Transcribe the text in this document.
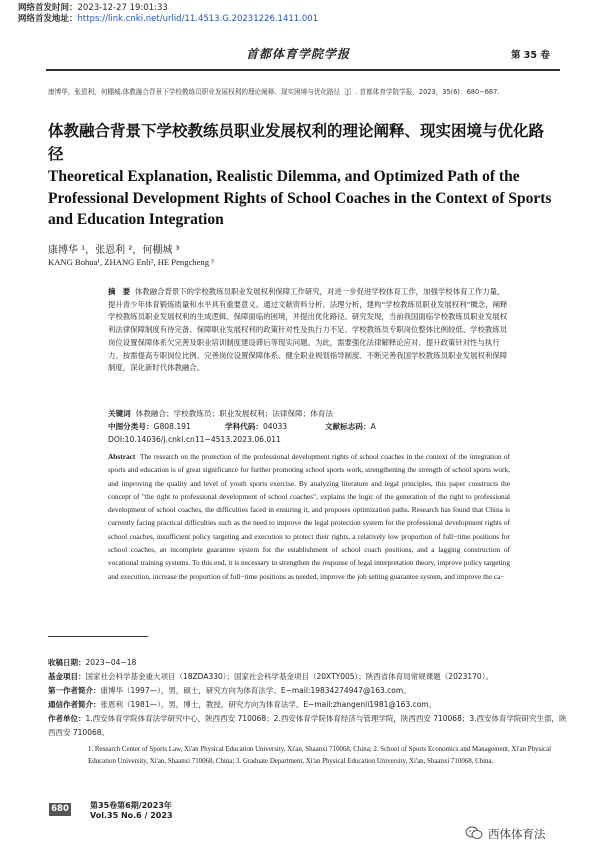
网络首发时间：2023-12-27 19:01:33
网络首发地址：https://link.cnki.net/urlid/11.4513.G.20231226.1411.001
首都体育学院学报	第 35 卷
康博华，张恩利，何棚城.体教融合背景下学校教练员职业发展权利的理论阐释、现实困境与优化路径［J］. 首都体育学院学报，2023，35(6)：680−687.
体教融合背景下学校教练员职业发展权利的理论阐释、现实困境与优化路径
Theoretical Explanation, Realistic Dilemma, and Optimized Path of the Professional Development Rights of School Coaches in the Context of Sports and Education Integration
康博华 ¹，张恩利 ²，何棚城 ³
KANG Bohua¹, ZHANG Enli², HE Pengcheng ³
摘　要 体教融合背景下的学校教练员职业发展权利保障工作研究，对进一步促进学校体育工作，加强学校体育工作力量，提升青少年体育锻炼质量和水平具有重要意义。通过文献资料分析、法理分析，建构“学校教练员职业发展权利”概念，阐释学校教练员职业发展权利的生成逻辑、保障面临的困境，并提出优化路径。研究发现，当前我国面临学校教练员职业发展权利法律保障制度有待完备、保障职业发展权利的政策针对性及执行力不足、学校教练员专职岗位整体比例较低、学校教练员岗位设置保障体系欠完善及职业培训制度建设滞后等现实问题。为此，需要强化法律解释论应对、提升政策针对性与执行力、按需提高专职岗位比例、完善岗位设置保障体系、健全职业规划指导制度、不断完善我国学校教练员职业发展权利保障制度，深化新时代体教融合。
关键词 体教融合；学校教练员；职业发展权利；法律保障；体育法
中图分类号：G808.191	学科代码：04033	文献标志码：A
DOI:10.14036/j.cnki.cn11−4513.2023.06.011
Abstract The research on the protection of the professional development rights of school coaches in the context of the integration of sports and education is of great significance for further promoting school sports work, strengthening the strength of school sports work, and improving the quality and level of youth sports exercise. By analyzing literature and legal principles, this paper constructs the concept of "the right to professional development of school coaches", explains the logic of the generation of the right to professional development of school coaches, the difficulties faced in ensuring it, and proposes optimization paths. Research has found that China is currently facing practical difficulties such as the need to improve the legal protection system for the professional development rights of school coaches, insufficient policy targeting and execution to protect their rights, a relatively low proportion of full−time positions for school coaches, an incomplete guarantee system for the establishment of school coach positions, and a lagging construction of vocational training systems. To this end, it is necessary to strengthen the response of legal interpretation theory, improve policy targeting and execution, increase the proportion of full−time positions as needed, improve the job setting guarantee system, and improve the ca−
收稿日期：2023−04−18
基金项目：国家社会科学基金重大项目（18ZDA330）；国家社会科学基金项目（20XTY005）；陕西省体育局常规课题（2023170）。
第一作者简介：康博华（1997—），男，硕士，研究方向为体育法学。E−mail:19834274947@163.com。
通信作者简介：张恩利（1981—），男，博士，教授，研究方向为体育法学。E−mail:zhangenli1981@163.com。
作者单位：1.西安体育学院体育法学研究中心，陕西西安 710068；2.西安体育学院体育经济与管理学院，陕西西安 710068；3.西安体育学院研究生部，陕西西安 710068。
1. Research Center of Sports Law, Xi'an Physical Education University, Xi'an, Shaanxi 710068, China; 2. School of Sports Economics and Management, Xi'an Physical Education University, Xi'an, Shaanxi 710068, China; 3. Graduate Department, Xi'an Physical Education University, Xi'an, Shaanxi 710068, China.
680	第35卷第6期/2023年
Vol.35 No.6 / 2023
西体体育法
